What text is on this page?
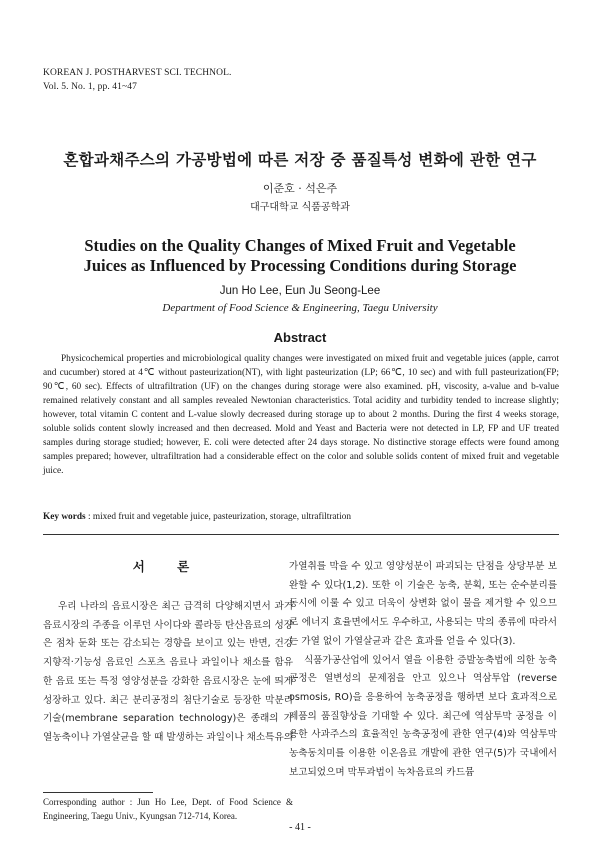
KOREAN J. POSTHARVEST SCI. TECHNOL.
Vol. 5. No. 1, pp. 41~47
혼합과채주스의 가공방법에 따른 저장 중 품질특성 변화에 관한 연구
이준호 · 석은주
대구대학교 식품공학과
Studies on the Quality Changes of Mixed Fruit and Vegetable
Juices as Influenced by Processing Conditions during Storage
Jun Ho Lee, Eun Ju Seong-Lee
Department of Food Science & Engineering, Taegu University
Abstract

Physicochemical properties and microbiological quality changes were investigated on mixed fruit and vegetable juices (apple, carrot and cucumber) stored at 4℃ without pasteurization(NT), with light pasteurization (LP; 66℃, 10 sec) and with full pasteurization(FP; 90℃, 60 sec). Effects of ultrafiltration (UF) on the changes during storage were also examined. pH, viscosity, a-value and b-value remained relatively constant and all samples revealed Newtonian characteristics. Total acidity and turbidity tended to increase slightly; however, total vitamin C content and L-value slowly decreased during storage up to about 2 months. During the first 4 weeks storage, soluble solids content slowly increased and then decreased. Mold and Yeast and Bacteria were not detected in LP, FP and UF treated samples during storage studied; however, E. coli were detected after 24 days storage. No distinctive storage effects were found among samples prepared; however, ultrafiltration had a considerable effect on the color and soluble solids content of mixed fruit and vegetable juice.

Key words : mixed fruit and vegetable juice, pasteurization, storage, ultrafiltration
서 론

우리 나라의 음료시장은 최근 급격히 다양해지면서 과거 음료시장의 주종을 이루던 사이다와 콜라등 탄산음료의 성장은 점차 둔화 또는 감소되는 경향을 보이고 있는 반면, 건강 지향적·기능성 음료인 스포츠 음료나 과일이나 채소를 함유한 음료 또는 특정 영양성분을 강화한 음료시장은 눈에 띄게 성장하고 있다. 최근 분리공정의 첨단기술로 등장한 막분리기술(membrane separation technology)은 종래의 가열농축이나 가열살균을 할 때 발생하는 과일이나 채소특유의

가열취를 막을 수 있고 영양성분이 파괴되는 단점을 상당부분 보완할 수 있다(1,2). 또한 이 기술은 농축, 분획, 또는 순수분리를 동시에 이룰 수 있고 더욱이 상변화 없이 물을 제거할 수 있으므로 에너지 효율면에서도 우수하고, 사용되는 막의 종류에 따라서는 가열 없이 가열살균과 같은 효과를 얻을 수 있다(3).

식품가공산업에 있어서 열을 이용한 증발농축법에 의한 농축공정은 열변성의 문제점을 안고 있으나 역삼투압 (reverse osmosis, RO)을 응용하여 농축공정을 행하면 보다 효과적으로 제품의 품질향상을 기대할 수 있다. 최근에 역삼투막 공정을 이용한 사과주스의 효율적인 농축공정에 관한 연구(4)와 역삼투막 농축동치미를 이용한 이온음료 개발에 관한 연구(5)가 국내에서 보고되었으며 막투과법이 녹차음료의 카드뮴

Corresponding author : Jun Ho Lee, Dept. of Food Science & Engineering, Taegu Univ., Kyungsan 712-714, Korea.
- 41 -
